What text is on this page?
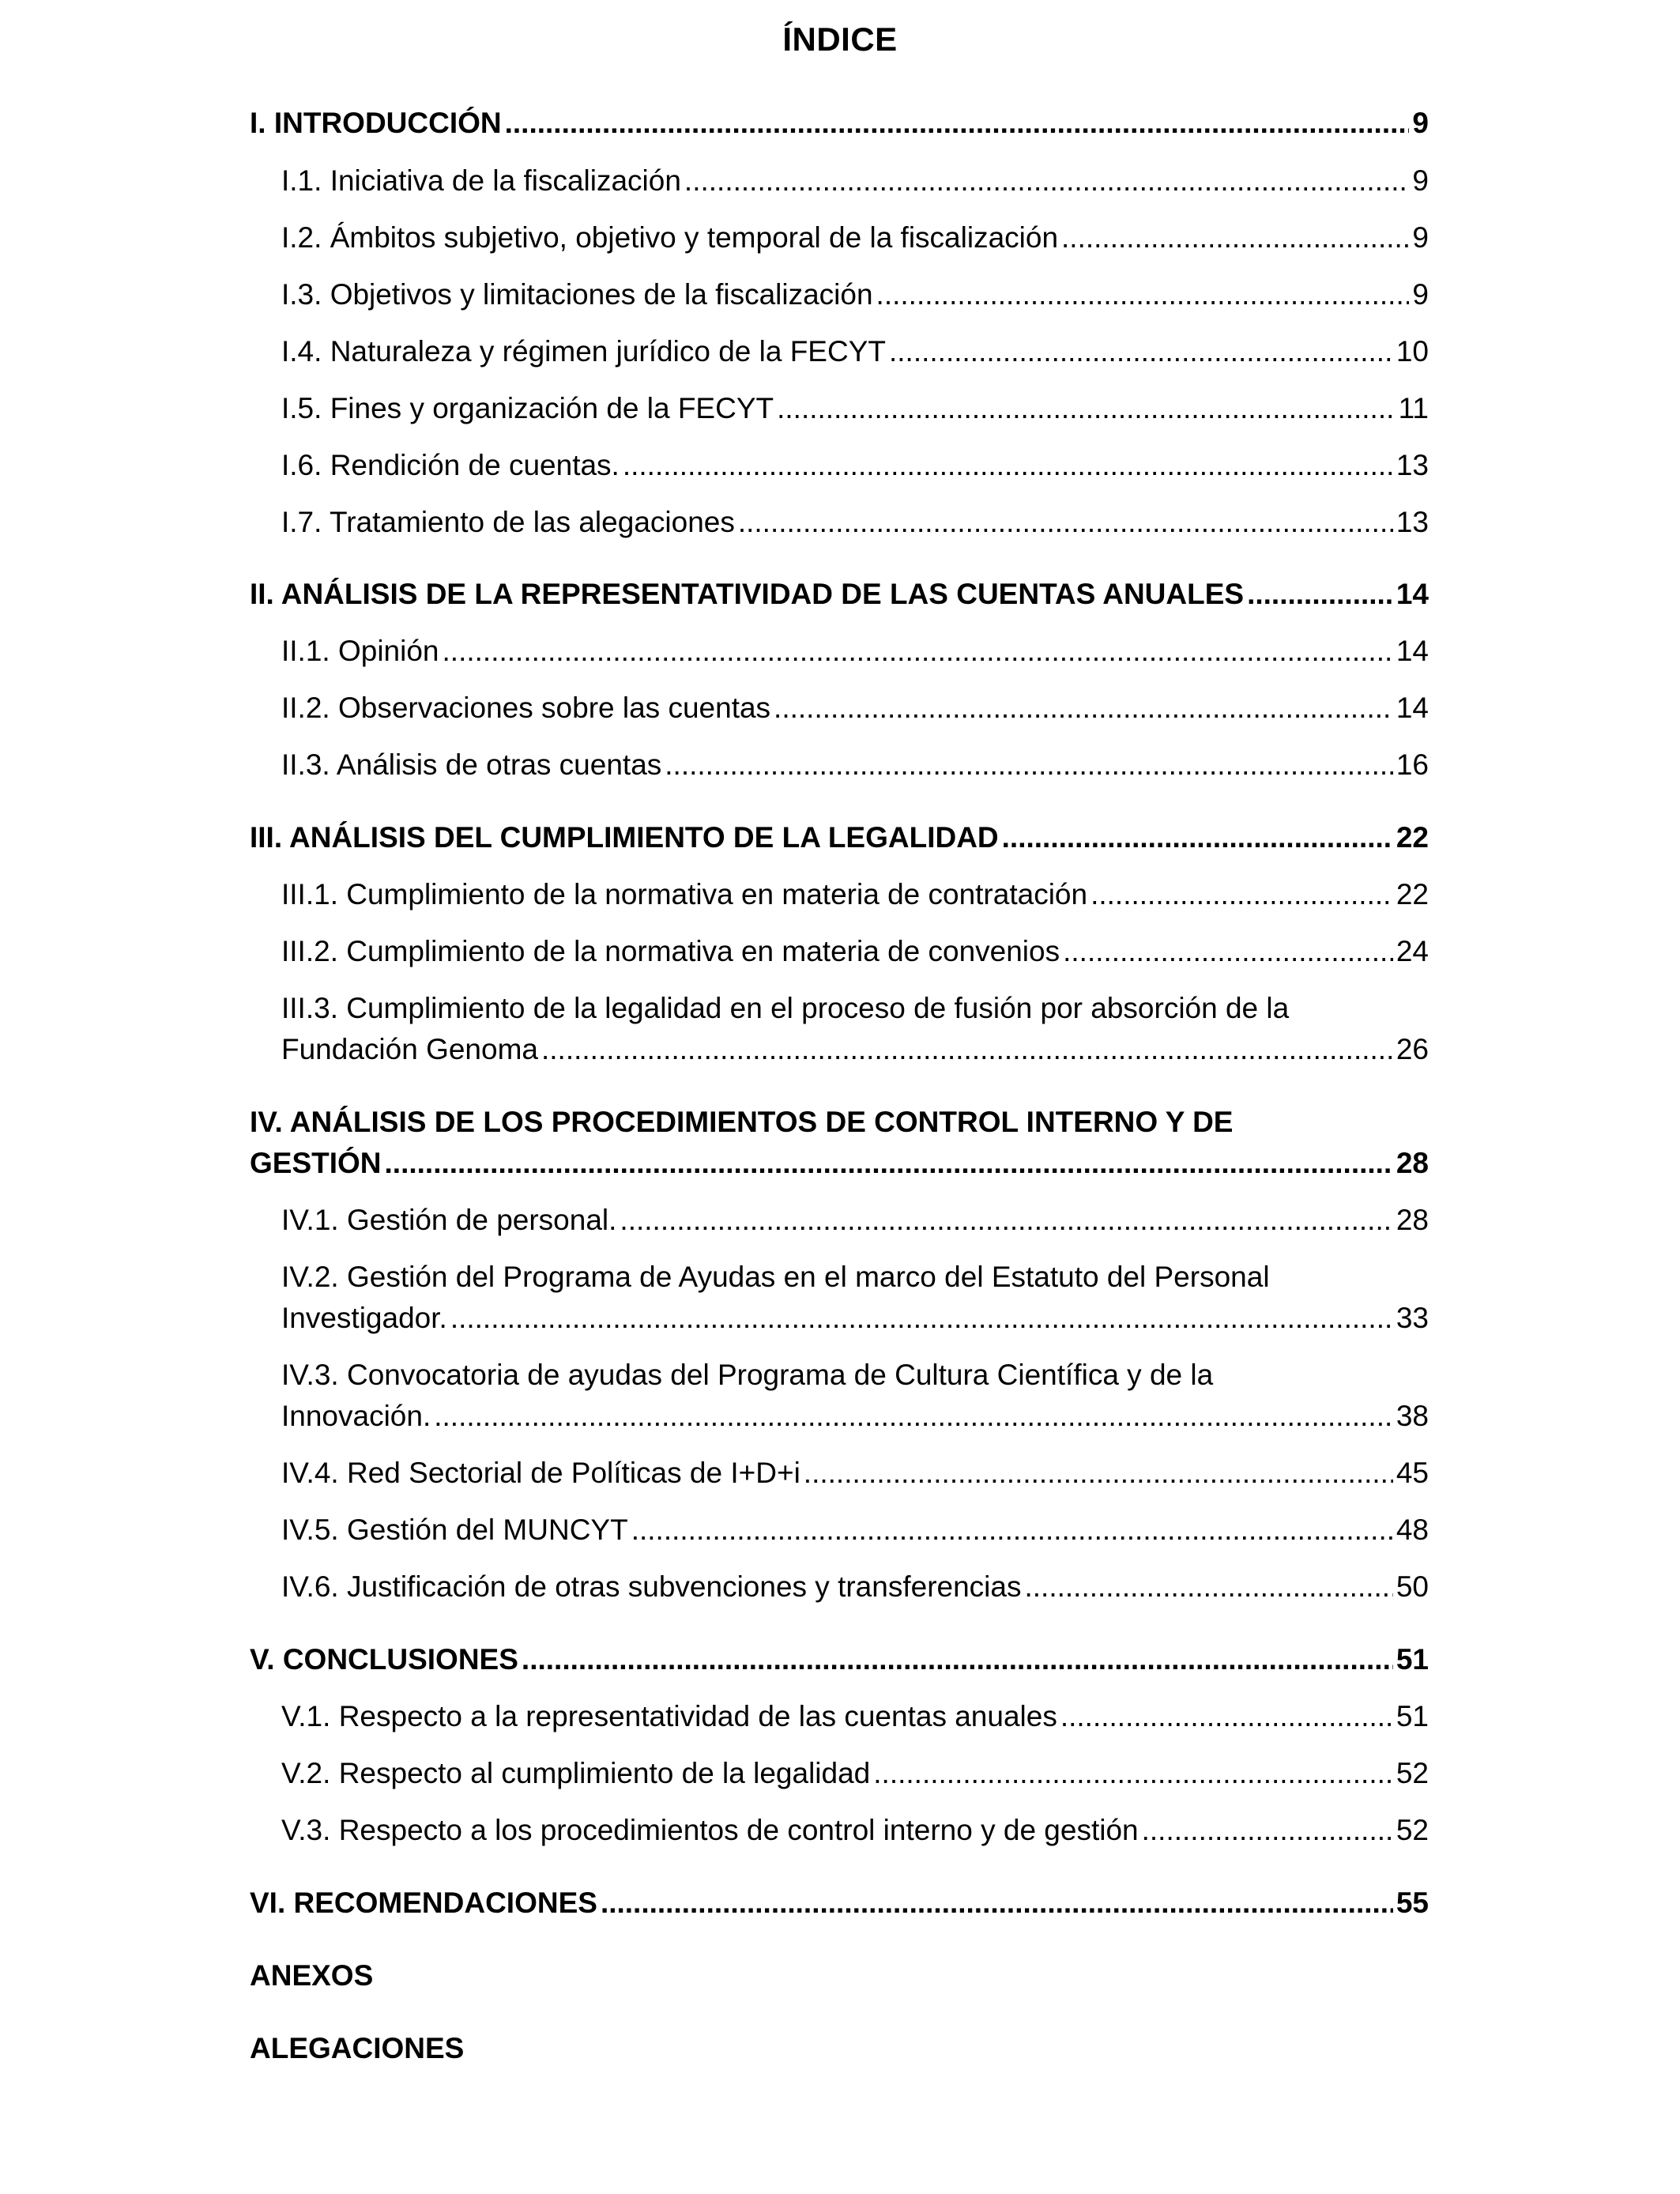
ÍNDICE
I. INTRODUCCIÓN .....	9
I.1. Iniciativa de la fiscalización .....	9
I.2. Ámbitos subjetivo, objetivo y temporal de la fiscalización .....	9
I.3. Objetivos y limitaciones de la fiscalización .....	9
I.4. Naturaleza y régimen jurídico de la FECYT .....	10
I.5. Fines y organización de la FECYT .....	11
I.6. Rendición de cuentas. .....	13
I.7. Tratamiento de las alegaciones .....	13
II. ANÁLISIS DE LA REPRESENTATIVIDAD DE LAS CUENTAS ANUALES .....	14
II.1. Opinión .....	14
II.2. Observaciones sobre las cuentas .....	14
II.3. Análisis de otras cuentas .....	16
III. ANÁLISIS DEL CUMPLIMIENTO DE LA LEGALIDAD .....	22
III.1. Cumplimiento de la normativa en materia de contratación .....	22
III.2. Cumplimiento de la normativa en materia de convenios .....	24
III.3. Cumplimiento de la legalidad en el proceso de fusión por absorción de la
Fundación Genoma .....	26
IV. ANÁLISIS DE LOS PROCEDIMIENTOS DE CONTROL INTERNO Y DE
GESTIÓN .....	28
IV.1. Gestión de personal. .....	28
IV.2. Gestión del Programa de Ayudas en el marco del Estatuto del Personal
Investigador. .....	33
IV.3. Convocatoria de ayudas del Programa de Cultura Científica y de la
Innovación. .....	38
IV.4. Red Sectorial de Políticas de I+D+i .....	45
IV.5. Gestión del MUNCYT .....	48
IV.6. Justificación de otras subvenciones y transferencias .....	50
V. CONCLUSIONES .....	51
V.1. Respecto a la representatividad de las cuentas anuales .....	51
V.2. Respecto al cumplimiento de la legalidad .....	52
V.3. Respecto a los procedimientos de control interno y de gestión .....	52
VI. RECOMENDACIONES .....	55
ANEXOS
ALEGACIONES
